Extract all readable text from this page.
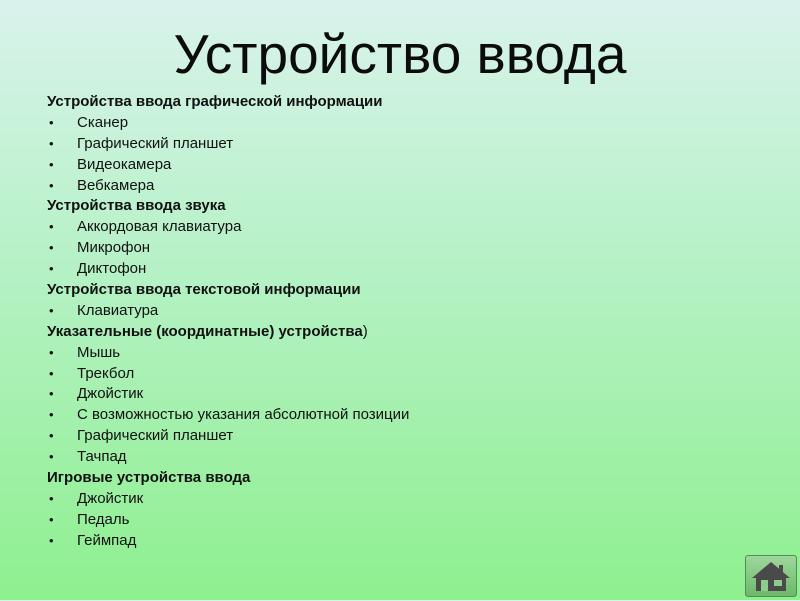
Устройство ввода
Устройства ввода графической информации
• Сканер
• Графический планшет
• Видеокамера
• Вебкамера
Устройства ввода звука
• Аккордовая клавиатура
• Микрофон
• Диктофон
Устройства ввода текстовой информации
• Клавиатура
Указательные (координатные) устройства)
• Мышь
• Трекбол
• Джойстик
• С возможностью указания абсолютной позиции
• Графический планшет
• Тачпад
Игровые устройства ввода
• Джойстик
• Педаль
• Геймпад
